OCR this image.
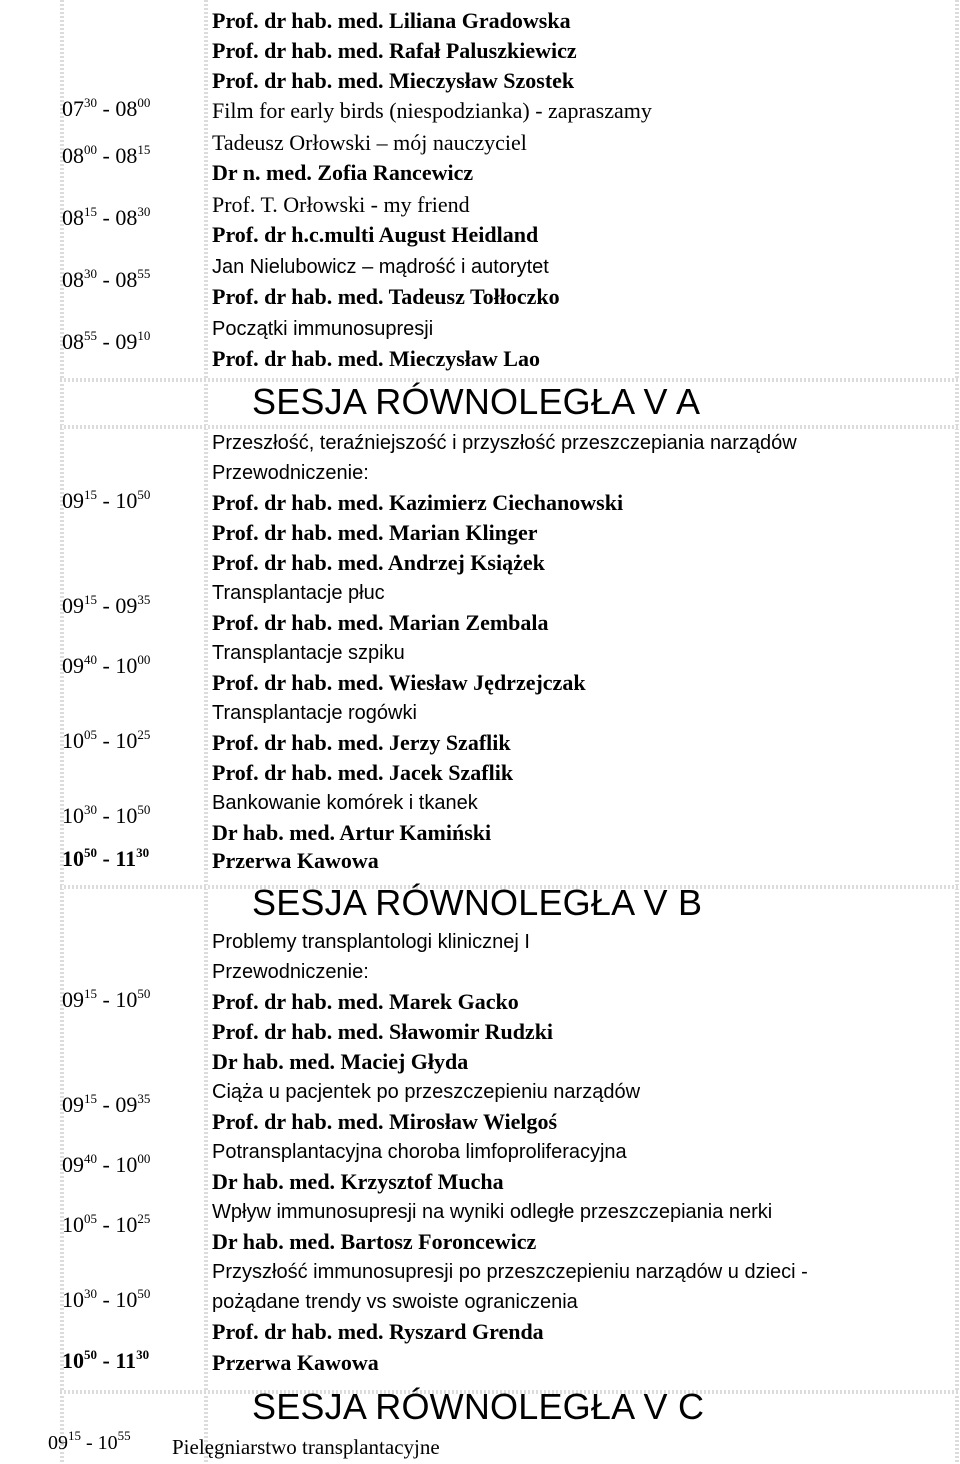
Prof. dr hab. med. Liliana Gradowska
Prof. dr hab. med. Rafał Paluszkiewicz
Prof. dr hab. med. Mieczysław Szostek
Film for early birds (niespodzianka) - zapraszamy
$07^{30} - 08^{00}$
Tadeusz Orłowski – mój nauczyciel
Dr n. med. Zofia Rancewicz
$08^{00} - 08^{15}$
Prof. T. Orłowski - my friend
Prof. dr h.c.multi August Heidland
$08^{15} - 08^{30}$
Jan Nielubowicz – mądrość i autorytet
Prof. dr hab. med. Tadeusz Tołłoczko
$08^{30} - 08^{55}$
Początki immunosupresji
Prof. dr hab. med. Mieczysław Lao
$08^{55} - 09^{10}$
SESJA RÓWNOLEGŁA V A
Przeszłość, teraźniejszość i przyszłość przeszczepiania narządów
Przewodniczenie:
Prof. dr hab. med. Kazimierz Ciechanowski
Prof. dr hab. med. Marian Klinger
Prof. dr hab. med. Andrzej Książek
$09^{15} - 10^{50}$
Transplantacje płuc
Prof. dr hab. med. Marian Zembala
$09^{15} - 09^{35}$
Transplantacje szpiku
Prof. dr hab. med. Wiesław Jędrzejczak
$09^{40} - 10^{00}$
Transplantacje rogówki
Prof. dr hab. med. Jerzy Szaflik
Prof. dr hab. med. Jacek Szaflik
$10^{05} - 10^{25}$
Bankowanie komórek i tkanek
Dr hab. med. Artur Kamiński
$10^{30} - 10^{50}$
$10^{50} - 11^{30}$	Przerwa Kawowa
SESJA RÓWNOLEGŁA V B
Problemy transplantologi klinicznej I
Przewodniczenie:
Prof. dr hab. med. Marek Gacko
Prof. dr hab. med. Sławomir Rudzki
Dr hab. med. Maciej Głyda
$09^{15} - 10^{50}$
Ciąża u pacjentek po przeszczepieniu narządów
Prof. dr hab. med. Mirosław Wielgoś
$09^{15} - 09^{35}$
Potransplantacyjna choroba limfoproliferacyjna
Dr hab. med. Krzysztof Mucha
$09^{40} - 10^{00}$
Wpływ immunosupresji na wyniki odległe przeszczepiania nerki
Dr hab. med. Bartosz Foroncewicz
$10^{05} - 10^{25}$
Przyszłość immunosupresji po przeszczepieniu narządów u dzieci -
pożądane trendy vs swoiste ograniczenia
Prof. dr hab. med. Ryszard Grenda
$10^{30} - 10^{50}$
$10^{50} - 11^{30}$	Przerwa Kawowa
SESJA RÓWNOLEGŁA V C
$09^{15} - 10^{55}$ Pielęgniarstwo transplantacyjne
